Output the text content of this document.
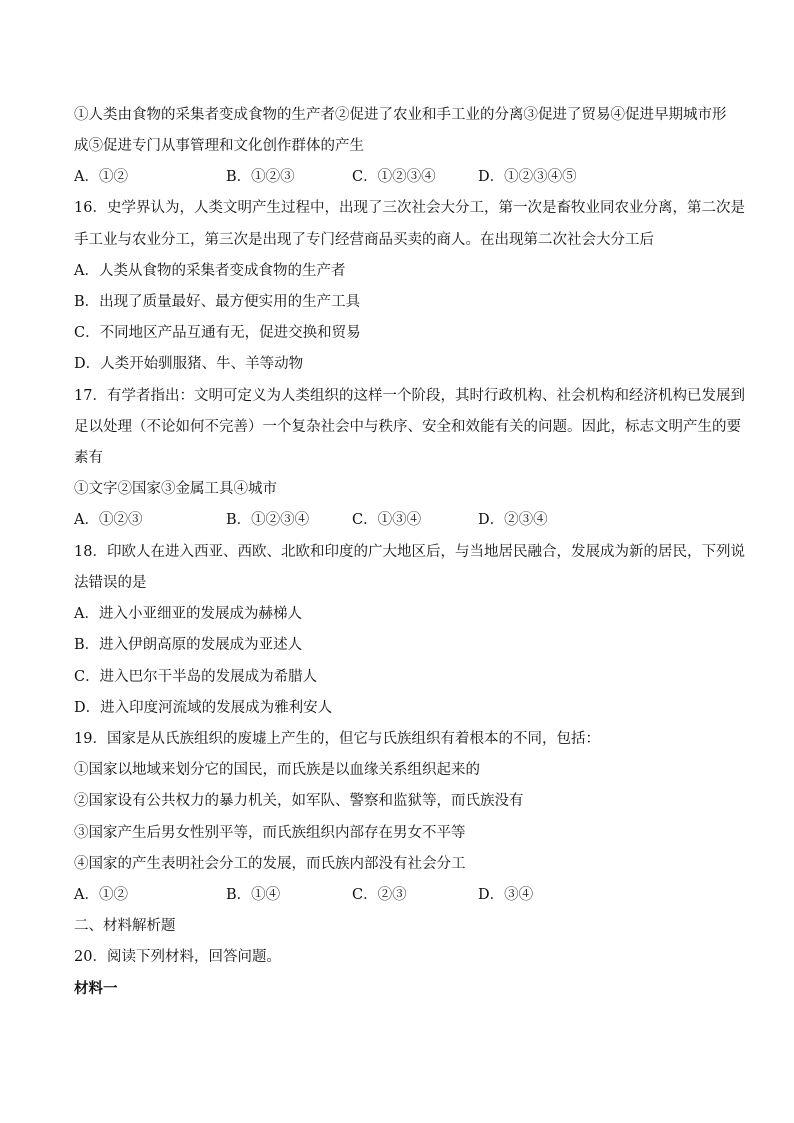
①人类由食物的采集者变成食物的生产者②促进了农业和手工业的分离③促进了贸易④促进早期城市形
成⑤促进专门从事管理和文化创作群体的产生
A．①②	B．①②③	C．①②③④	D．①②③④⑤
16．史学界认为，人类文明产生过程中，出现了三次社会大分工，第一次是畜牧业同农业分离，第二次是
手工业与农业分工，第三次是出现了专门经营商品买卖的商人。在出现第二次社会大分工后
A．人类从食物的采集者变成食物的生产者
B．出现了质量最好、最方便实用的生产工具
C．不同地区产品互通有无，促进交换和贸易
D．人类开始驯服猪、牛、羊等动物
17．有学者指出：文明可定义为人类组织的这样一个阶段，其时行政机构、社会机构和经济机构已发展到
足以处理（不论如何不完善）一个复杂社会中与秩序、安全和效能有关的问题。因此，标志文明产生的要
素有
①文字②国家③金属工具④城市
A．①②③	B．①②③④	C．①③④	D．②③④
18．印欧人在进入西亚、西欧、北欧和印度的广大地区后，与当地居民融合，发展成为新的居民，下列说
法错误的是
A．进入小亚细亚的发展成为赫梯人
B．进入伊朗高原的发展成为亚述人
C．进入巴尔干半岛的发展成为希腊人
D．进入印度河流域的发展成为雅利安人
19．国家是从氏族组织的废墟上产生的，但它与氏族组织有着根本的不同，包括：
①国家以地域来划分它的国民，而氏族是以血缘关系组织起来的
②国家设有公共权力的暴力机关，如军队、警察和监狱等，而氏族没有
③国家产生后男女性别平等，而氏族组织内部存在男女不平等
④国家的产生表明社会分工的发展，而氏族内部没有社会分工
A．①②	B．①④	C．②③	D．③④
二、材料解析题
20．阅读下列材料，回答问题。
材料一
